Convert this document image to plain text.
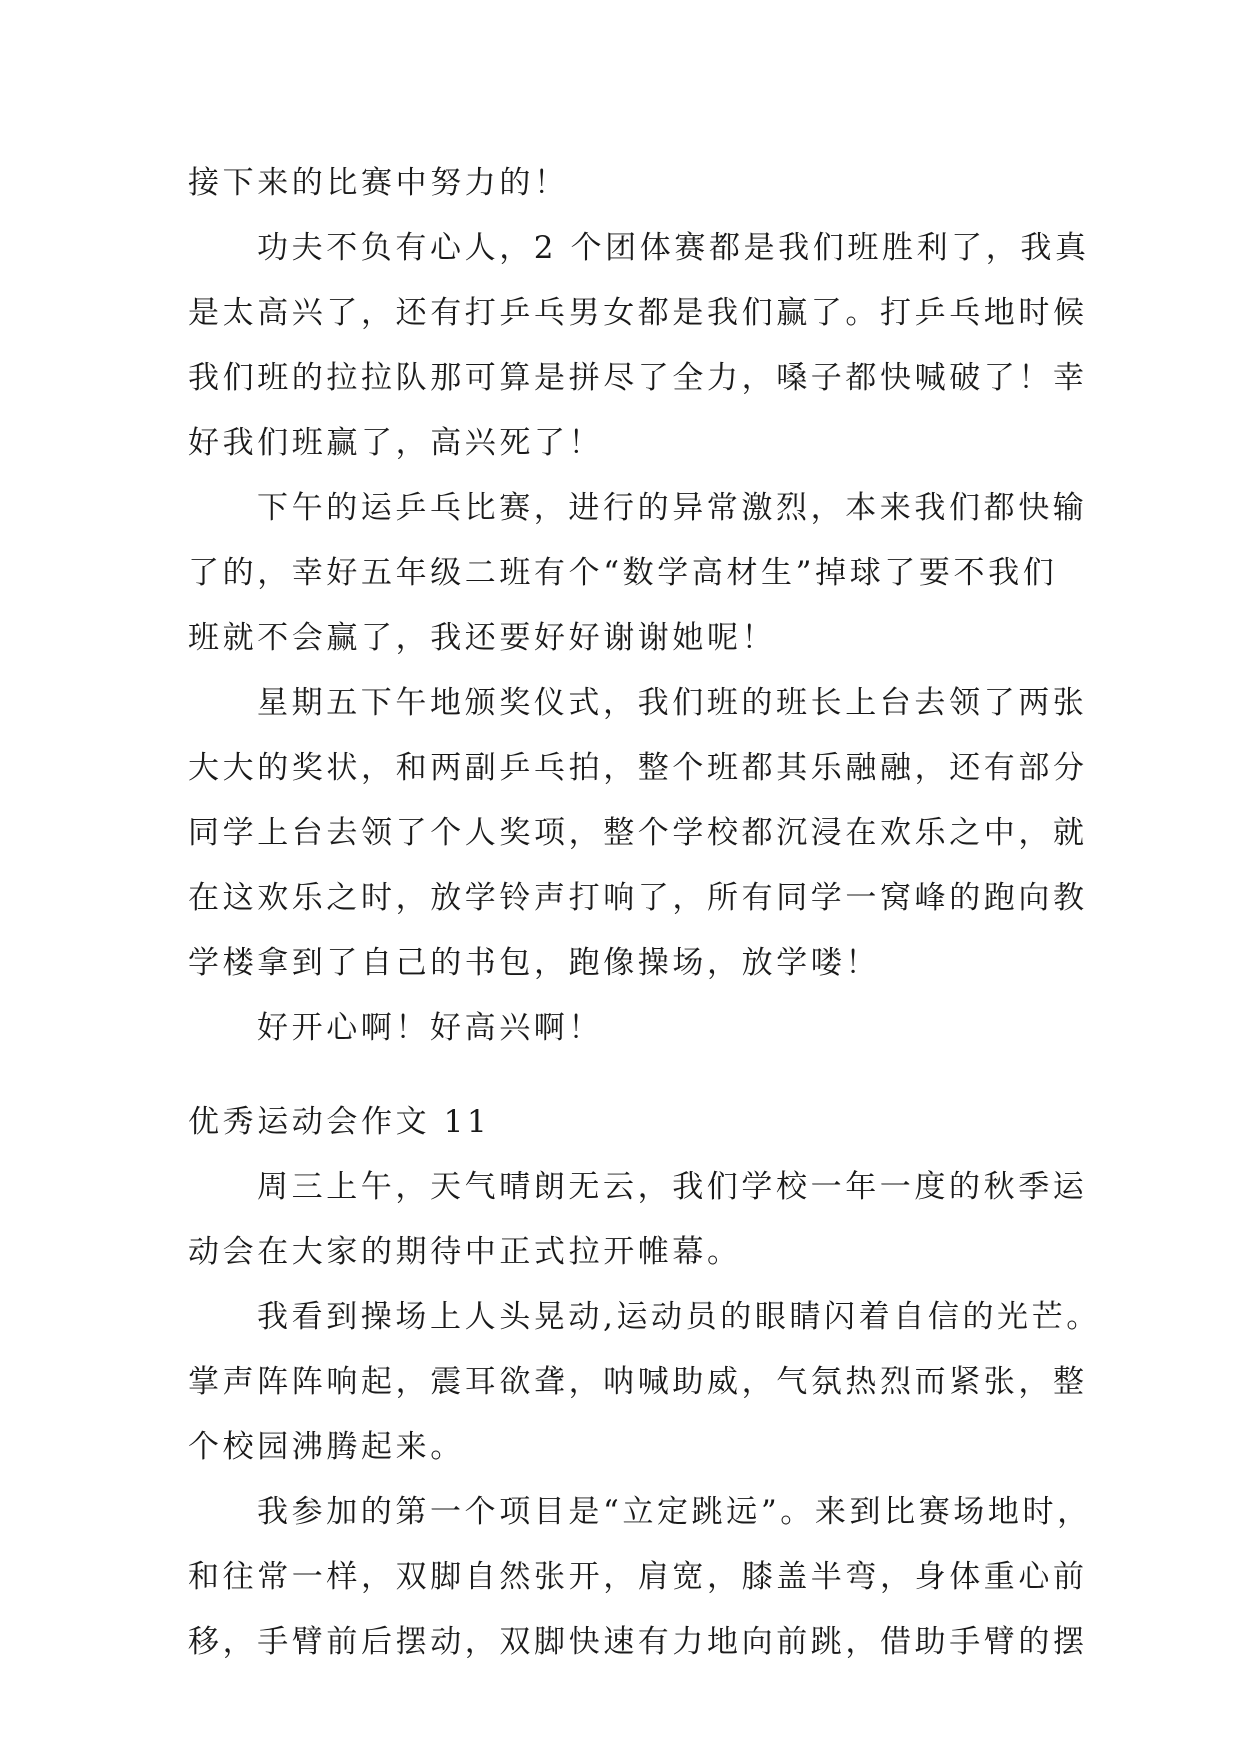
接下来的比赛中努力的！
功夫不负有心人，2 个团体赛都是我们班胜利了，我真
是太高兴了，还有打乒乓男女都是我们赢了。打乒乓地时候
我们班的拉拉队那可算是拼尽了全力，嗓子都快喊破了！幸
好我们班赢了，高兴死了！
下午的运乒乓比赛，进行的异常激烈，本来我们都快输
了的，幸好五年级二班有个“数学高材生”掉球了要不我们
班就不会赢了，我还要好好谢谢她呢！
星期五下午地颁奖仪式，我们班的班长上台去领了两张
大大的奖状，和两副乒乓拍，整个班都其乐融融，还有部分
同学上台去领了个人奖项，整个学校都沉浸在欢乐之中，就
在这欢乐之时，放学铃声打响了，所有同学一窝峰的跑向教
学楼拿到了自己的书包，跑像操场，放学喽！
好开心啊！好高兴啊！
优秀运动会作文 11
周三上午，天气晴朗无云，我们学校一年一度的秋季运
动会在大家的期待中正式拉开帷幕。
我看到操场上人头晃动,运动员的眼睛闪着自信的光芒。
掌声阵阵响起，震耳欲聋，呐喊助威，气氛热烈而紧张，整
个校园沸腾起来。
我参加的第一个项目是“立定跳远”。来到比赛场地时，
和往常一样，双脚自然张开，肩宽，膝盖半弯，身体重心前
移，手臂前后摆动，双脚快速有力地向前跳，借助手臂的摆
